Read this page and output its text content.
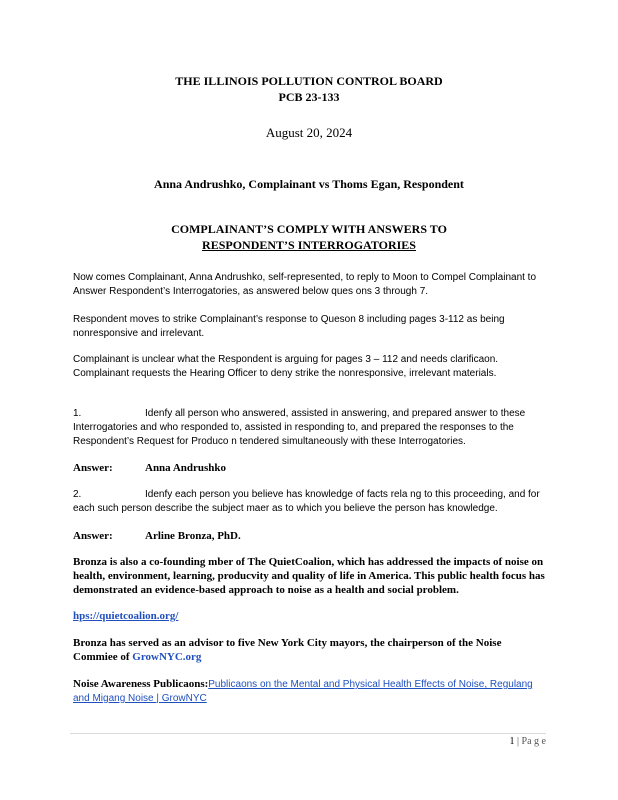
THE ILLINOIS POLLUTION CONTROL BOARD
PCB 23-133
August 20, 2024
Anna Andrushko, Complainant vs Thoms Egan, Respondent
COMPLAINANT’S COMPLY WITH ANSWERS TO
RESPONDENT’S INTERROGATORIES
Now comes Complainant, Anna Andrushko, self-represented, to reply to Moon to Compel Complainant to Answer Respondent’s Interrogatories, as answered below ques ons 3 through 7.
Respondent moves to strike Complainant’s response to Queson 8 including pages 3-112 as being nonresponsive and irrelevant.
Complainant is unclear what the Respondent is arguing for pages 3 – 112 and needs clarificaon. Complainant requests the Hearing Officer to deny strike the nonresponsive, irrelevant materials.
1.	Idenfy all person who answered, assisted in answering, and prepared answer to these Interrogatories and who responded to, assisted in responding to, and prepared the responses to the Respondent’s Request for Produco n tendered simultaneously with these Interrogatories.
Answer:	Anna Andrushko
2.	Idenfy each person you believe has knowledge of facts rela ng to this proceeding, and for each such person describe the subject maer as to which you believe the person has knowledge.
Answer:	Arline Bronza, PhD.
Bronza is also a co-founding mber of The QuietCoalion, which has addressed the impacts of noise on health, environment, learning, producvity and quality of life in America. This public health focus has demonstrated an evidence-based approach to noise as a health and social problem.
hps://quietcoalion.org/
Bronza has served as an advisor to five New York City mayors, the chairperson of the Noise Commiee of GrowNYC.org
Noise Awareness Publicaons:Publicaons on the Mental and Physical Health Effects of Noise, Regulang and Migang Noise | GrowNYC
1 | Pa g e
